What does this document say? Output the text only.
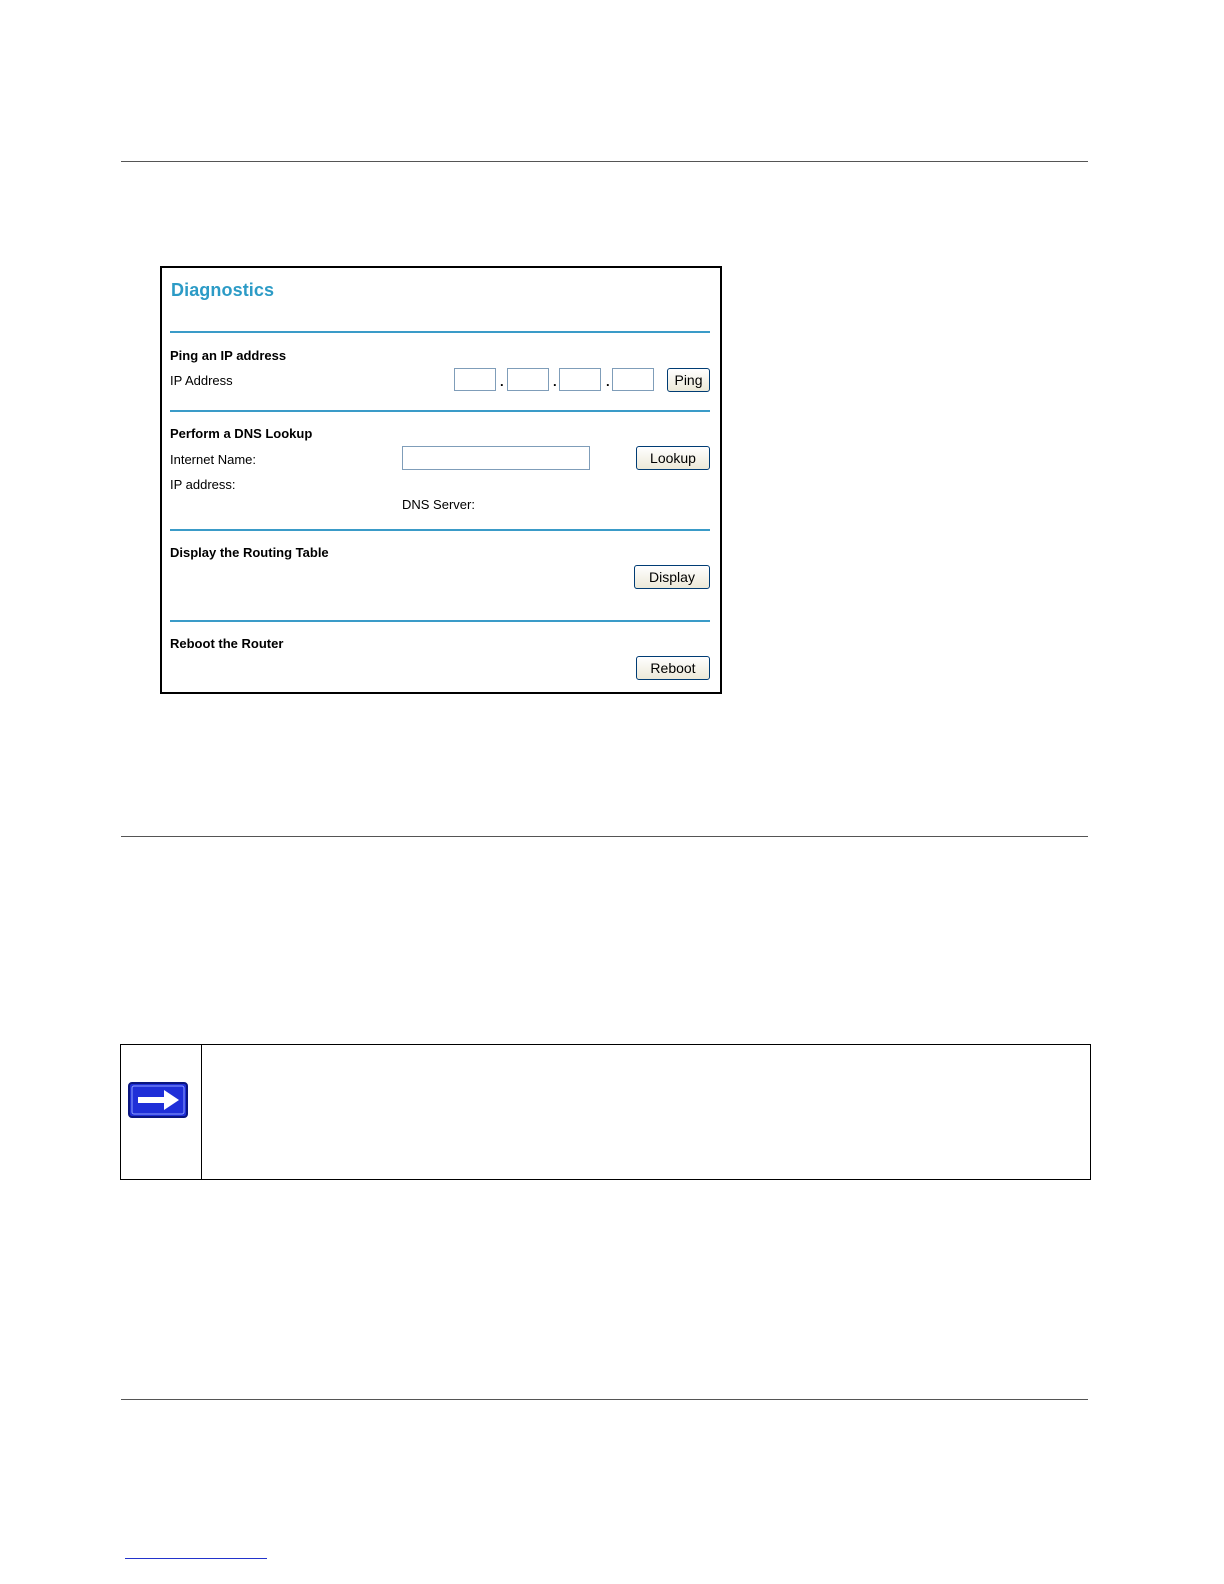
Diagnostics
Ping an IP address
IP Address	.	.	.	Ping
Perform a DNS Lookup
Internet Name:	Lookup
IP address:
DNS Server:
Display the Routing Table
Display
Reboot the Router
Reboot
